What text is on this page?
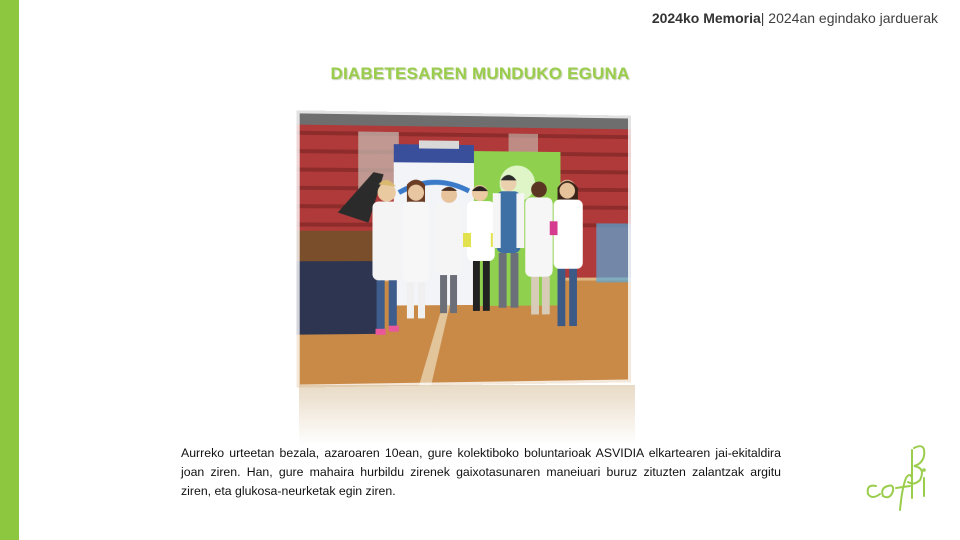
2024ko Memoria| 2024an egindako jarduerak
DIABETESAREN MUNDUKO EGUNA
Aurreko urteetan bezala, azaroaren 10ean, gure kolektiboko boluntarioak ASVIDIA elkartearen jai-ekitaldira joan ziren. Han, gure mahaira hurbildu zirenek gaixotasunaren maneiuari buruz zituzten zalantzak argitu ziren, eta glukosa-neurketak egin ziren.
